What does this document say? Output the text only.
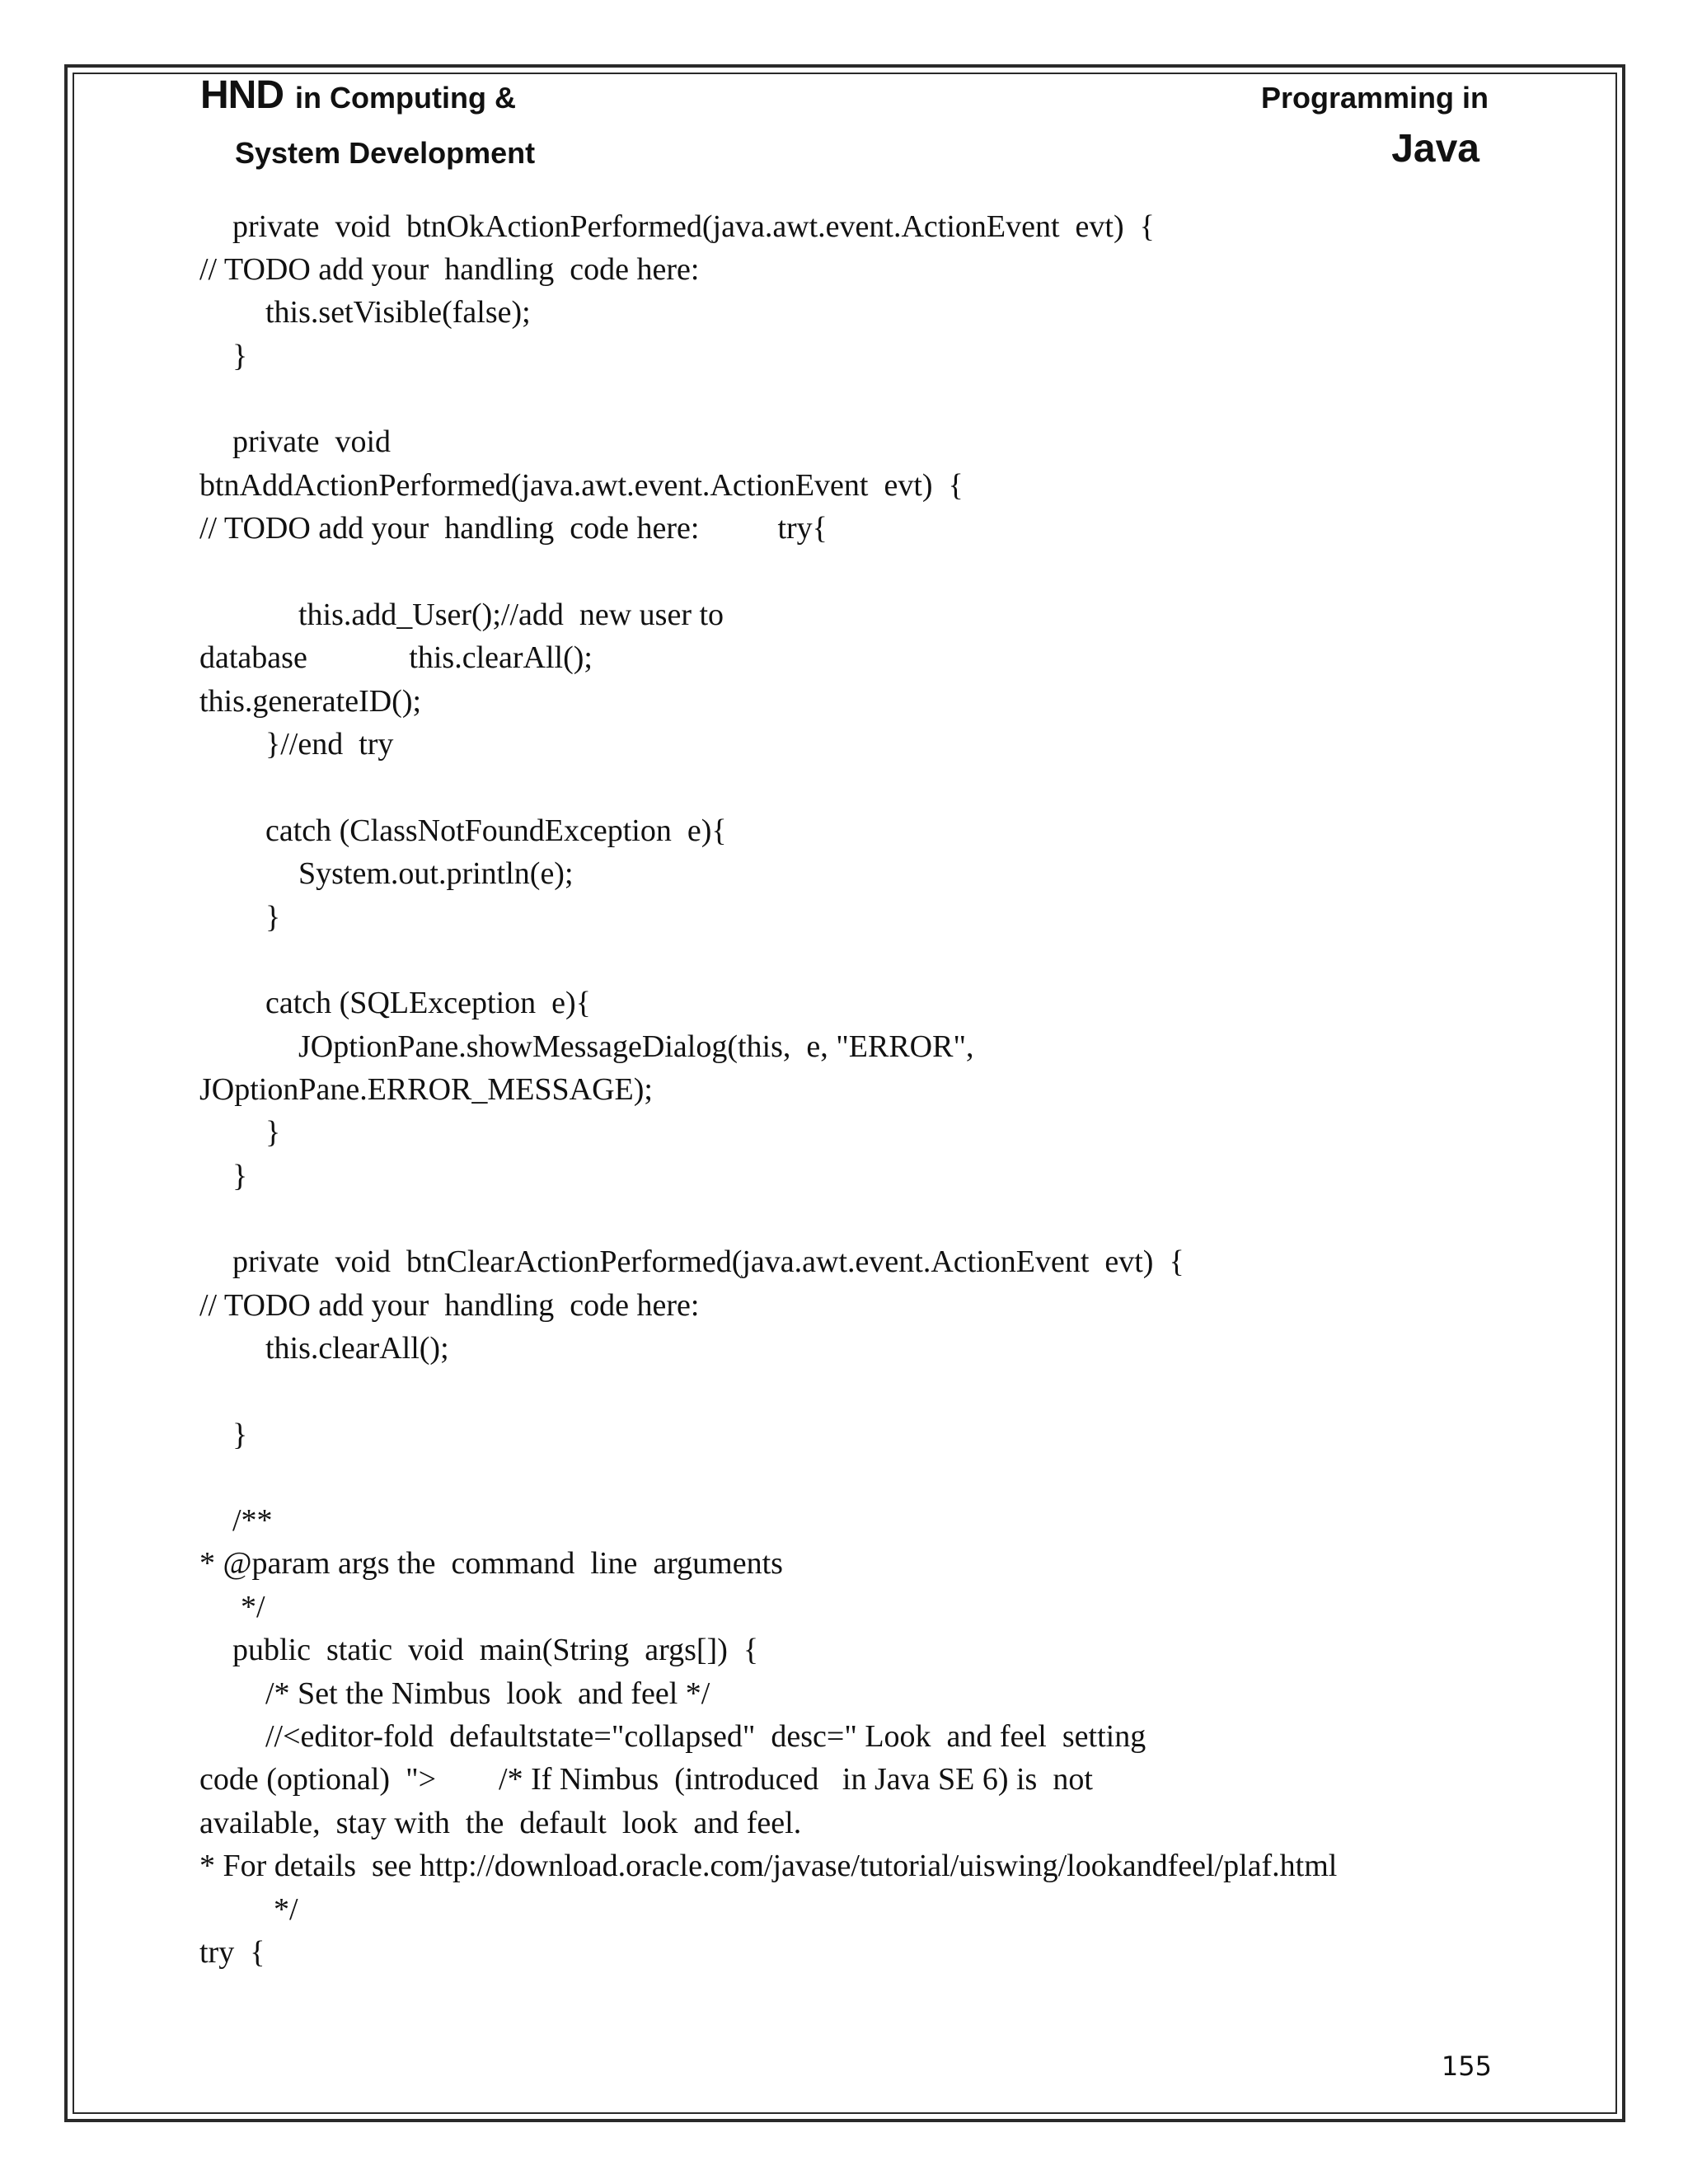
HND in Computing &
System Development
Programming in
Java
private  void  btnOkActionPerformed(java.awt.event.ActionEvent  evt)  {
// TODO add your  handling  code here:
this.setVisible(false);
}
private  void
btnAddActionPerformed(java.awt.event.ActionEvent  evt)  {
// TODO add your  handling  code here:          try{
this.add_User();//add  new user to
database             this.clearAll();
this.generateID();
}//end  try
catch (ClassNotFoundException  e){
System.out.println(e);
}
catch (SQLException  e){
JOptionPane.showMessageDialog(this,  e, "ERROR",
JOptionPane.ERROR_MESSAGE);
}
}
private  void  btnClearActionPerformed(java.awt.event.ActionEvent  evt)  {
// TODO add your  handling  code here:
this.clearAll();
}
/**
* @param args the  command  line  arguments
*/
public  static  void  main(String  args[])  {
/* Set the Nimbus  look  and feel */
//<editor-fold  defaultstate="collapsed"  desc=" Look  and feel  setting
code (optional)  ">        /* If Nimbus  (introduced   in Java SE 6) is  not
available,  stay with  the  default  look  and feel.
* For details  see http://download.oracle.com/javase/tutorial/uiswing/lookandfeel/plaf.html
*/
try  {
155
